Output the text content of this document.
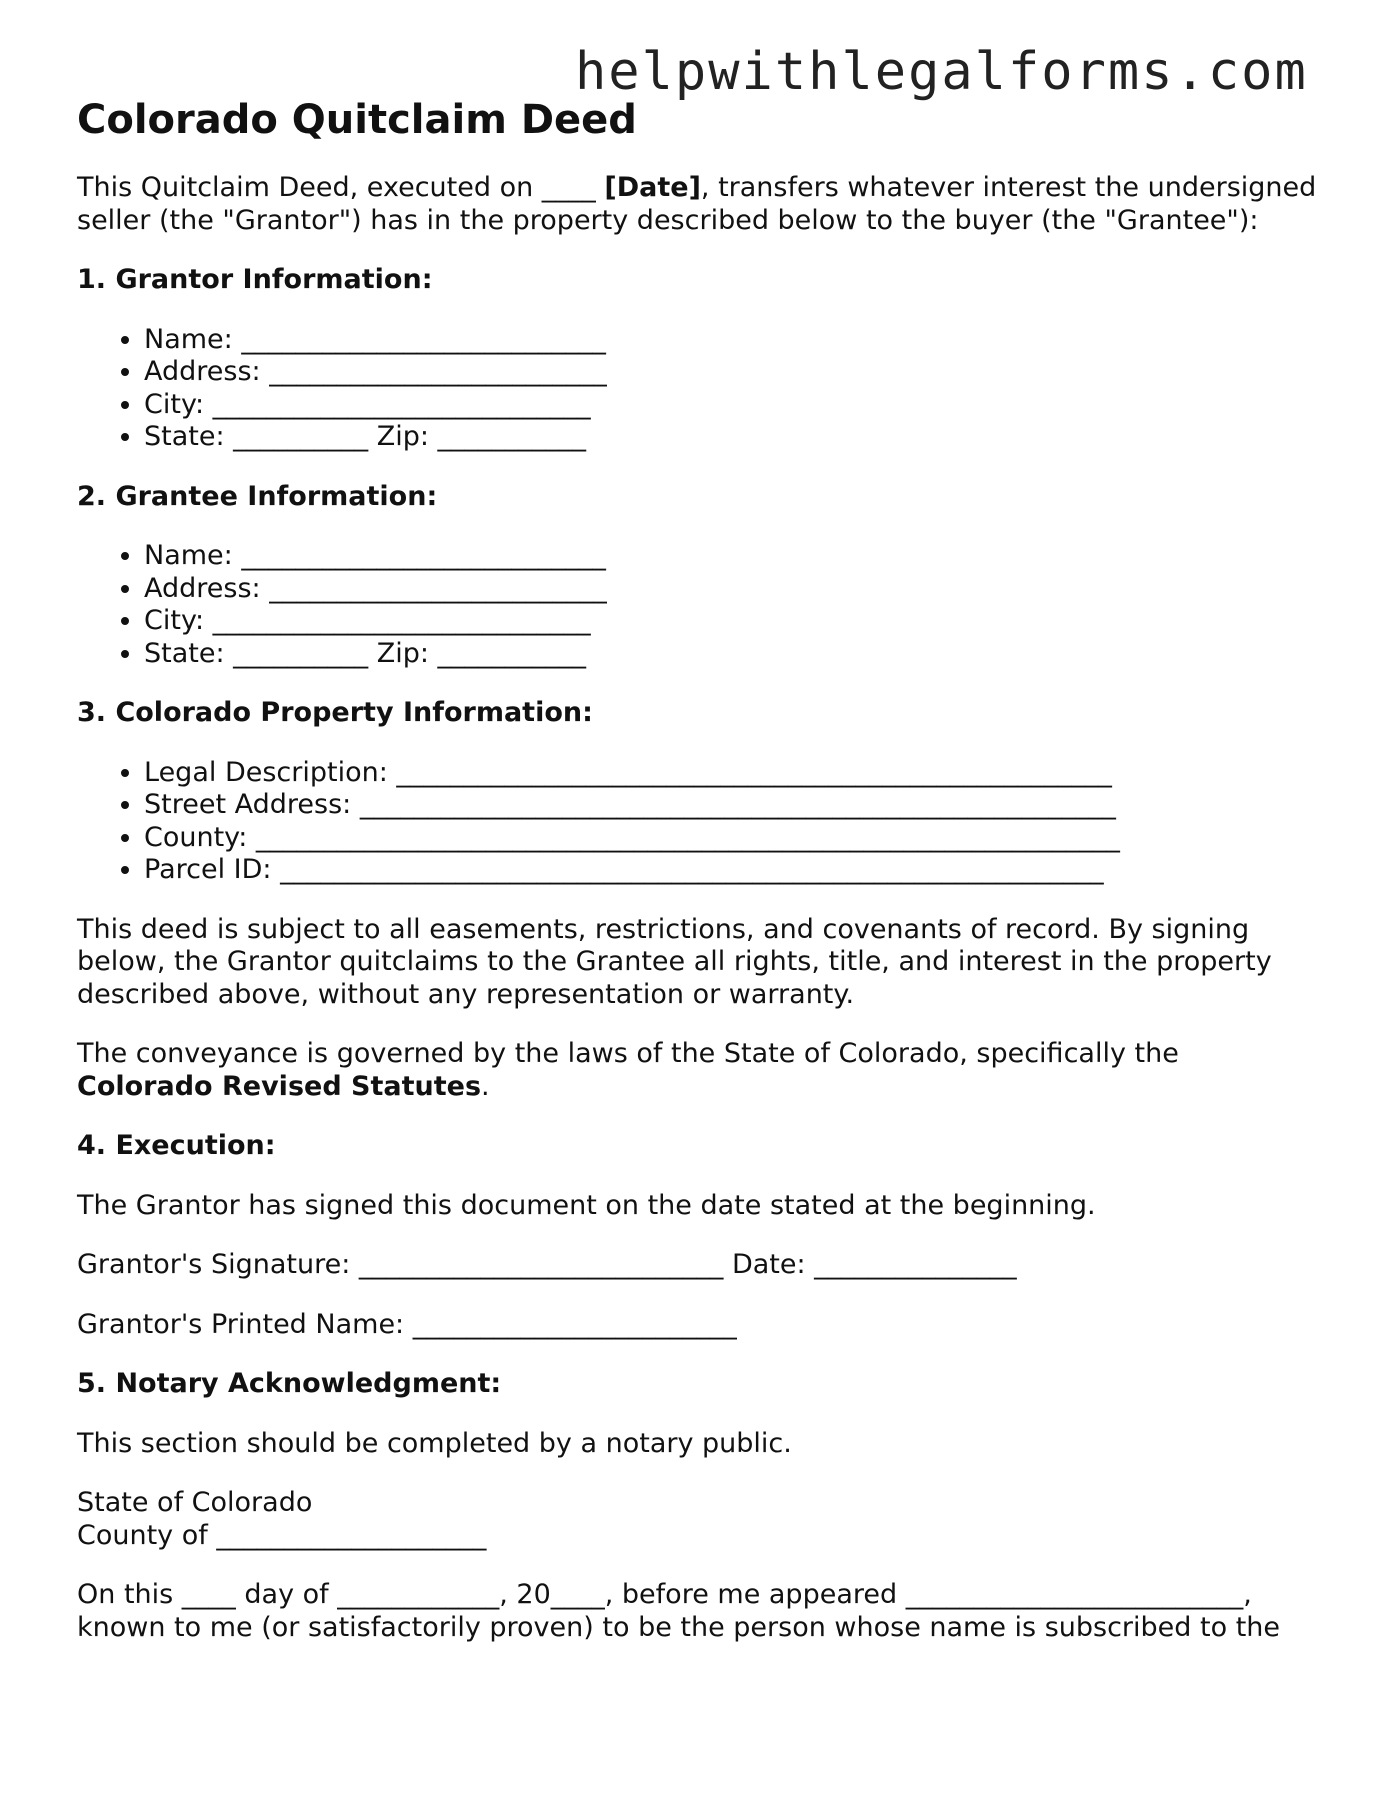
helpwithlegalforms.com
Colorado Quitclaim Deed

This Quitclaim Deed, executed on ____ [Date], transfers whatever interest the undersigned seller (the "Grantor") has in the property described below to the buyer (the "Grantee"):

1. Grantor Information:
• Name: ___________________________
• Address: _________________________
• City: ____________________________
• State: __________ Zip: ___________
2. Grantee Information:
• Name: ___________________________
• Address: _________________________
• City: ____________________________
• State: __________ Zip: ___________
3. Colorado Property Information:
• Legal Description: _____________________________________________________
• Street Address: ________________________________________________________
• County: ________________________________________________________________
• Parcel ID: _____________________________________________________________

This deed is subject to all easements, restrictions, and covenants of record. By signing below, the Grantor quitclaims to the Grantee all rights, title, and interest in the property described above, without any representation or warranty.

The conveyance is governed by the laws of the State of Colorado, specifically the Colorado Revised Statutes.

4. Execution:

The Grantor has signed this document on the date stated at the beginning.

Grantor's Signature: ___________________________ Date: _______________

Grantor's Printed Name: ________________________

5. Notary Acknowledgment:

This section should be completed by a notary public.

State of Colorado
County of ____________________

On this ____ day of ____________, 20____, before me appeared _________________________, known to me (or satisfactorily proven) to be the person whose name is subscribed to the
